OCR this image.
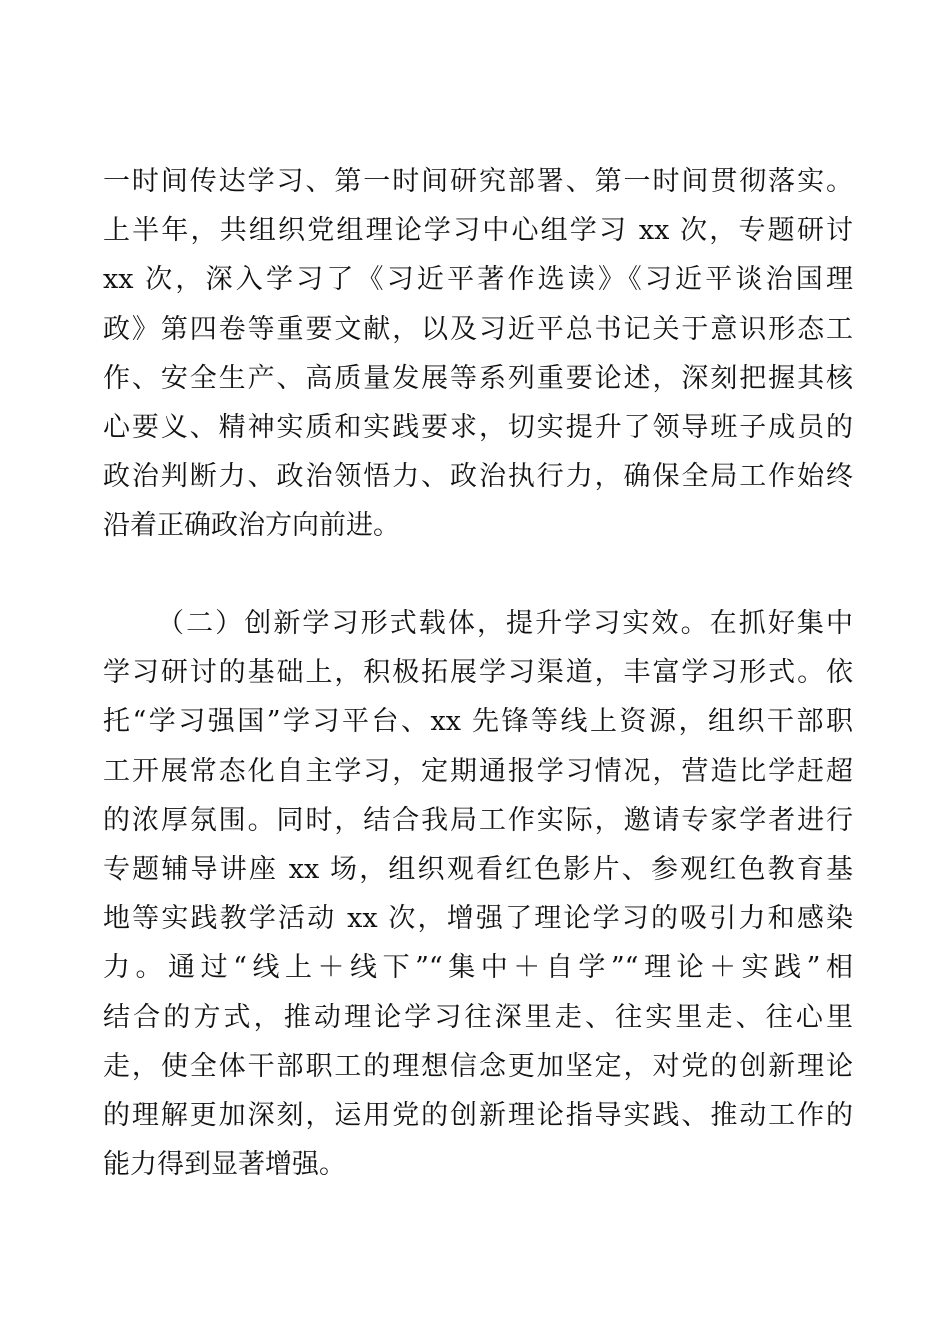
一时间传达学习、第一时间研究部署、第一时间贯彻落实。
上半年，共组织党组理论学习中心组学习 xx 次，专题研讨
xx 次，深入学习了《习近平著作选读》《习近平谈治国理
政》第四卷等重要文献，以及习近平总书记关于意识形态工
作、安全生产、高质量发展等系列重要论述，深刻把握其核
心要义、精神实质和实践要求，切实提升了领导班子成员的
政治判断力、政治领悟力、政治执行力，确保全局工作始终
沿着正确政治方向前进。
（二）创新学习形式载体，提升学习实效。在抓好集中
学习研讨的基础上，积极拓展学习渠道，丰富学习形式。依
托“学习强国”学习平台、xx 先锋等线上资源，组织干部职
工开展常态化自主学习，定期通报学习情况，营造比学赶超
的浓厚氛围。同时，结合我局工作实际，邀请专家学者进行
专题辅导讲座 xx 场，组织观看红色影片、参观红色教育基
地等实践教学活动 xx 次，增强了理论学习的吸引力和感染
力。通过“线上＋线下”“集中＋自学”“理论＋实践”相
结合的方式，推动理论学习往深里走、往实里走、往心里
走，使全体干部职工的理想信念更加坚定，对党的创新理论
的理解更加深刻，运用党的创新理论指导实践、推动工作的
能力得到显著增强。
